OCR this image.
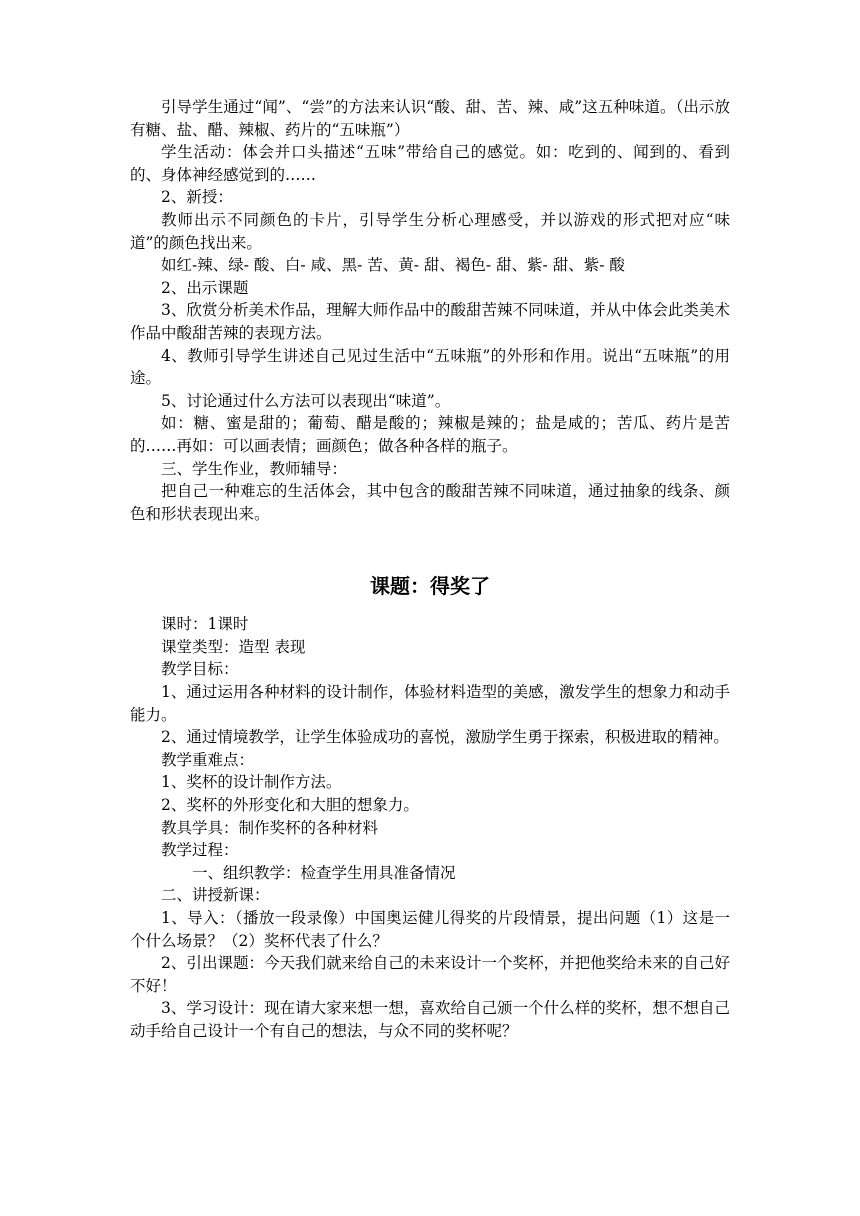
引导学生通过“闻”、“尝”的方法来认识“酸、甜、苦、辣、咸”这五种味道。（出示放有糖、盐、醋、辣椒、药片的“五味瓶”）

学生活动：体会并口头描述“五味”带给自己的感觉。如：吃到的、闻到的、看到的、身体神经感觉到的……

2、新授：

教师出示不同颜色的卡片，引导学生分析心理感受，并以游戏的形式把对应“味道”的颜色找出来。

如红-辣、绿- 酸、白- 咸、黑- 苦、黄- 甜、褐色- 甜、紫- 甜、紫- 酸

2、出示课题

3、欣赏分析美术作品，理解大师作品中的酸甜苦辣不同味道，并从中体会此类美术作品中酸甜苦辣的表现方法。

4、教师引导学生讲述自己见过生活中“五味瓶”的外形和作用。说出“五味瓶”的用途。

5、讨论通过什么方法可以表现出“味道”。

如：糖、蜜是甜的；葡萄、醋是酸的；辣椒是辣的；盐是咸的；苦瓜、药片是苦的……再如：可以画表情；画颜色；做各种各样的瓶子。

三、学生作业，教师辅导：

把自己一种难忘的生活体会，其中包含的酸甜苦辣不同味道，通过抽象的线条、颜色和形状表现出来。

课题：得奖了

课时：1课时

课堂类型：造型 表现

教学目标：

1、通过运用各种材料的设计制作，体验材料造型的美感，激发学生的想象力和动手能力。

2、通过情境教学，让学生体验成功的喜悦，激励学生勇于探索，积极进取的精神。

教学重难点：

1、奖杯的设计制作方法。

2、奖杯的外形变化和大胆的想象力。

教具学具：制作奖杯的各种材料

教学过程：

一、组织教学：检查学生用具准备情况

二、讲授新课：

1、导入：（播放一段录像）中国奥运健儿得奖的片段情景，提出问题（1）这是一个什么场景？（2）奖杯代表了什么？

2、引出课题：今天我们就来给自己的未来设计一个奖杯，并把他奖给未来的自己好不好！

3、学习设计：现在请大家来想一想，喜欢给自己颁一个什么样的奖杯，想不想自己动手给自己设计一个有自己的想法，与众不同的奖杯呢？
